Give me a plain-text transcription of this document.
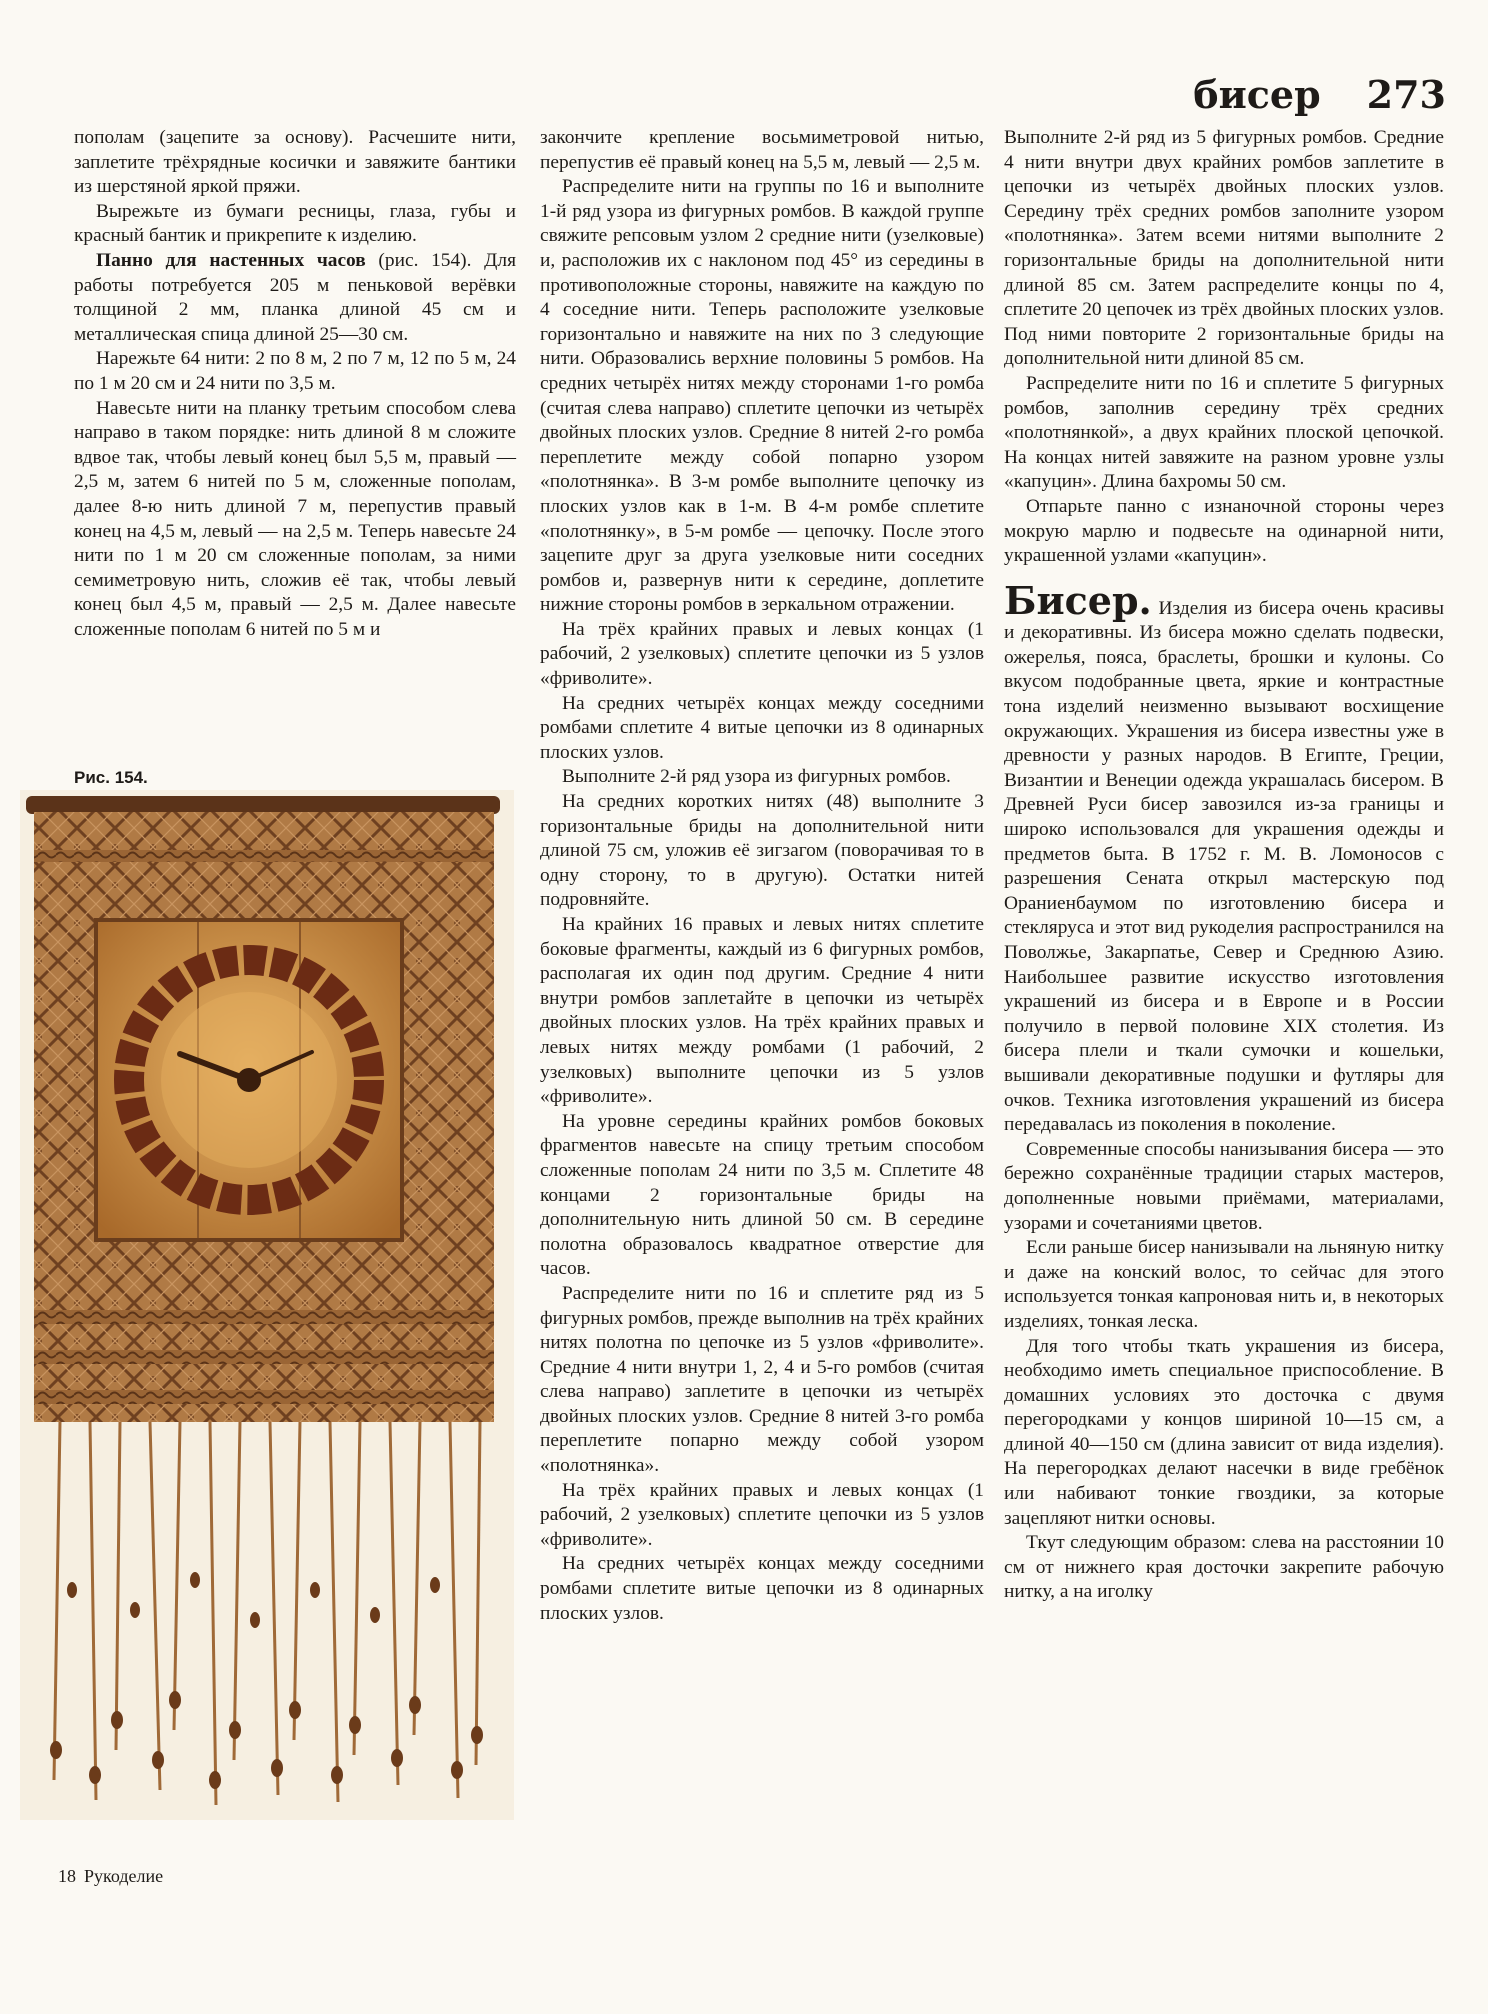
бисер 273

пополам (зацепите за основу). Расчешите нити, заплетите трёхрядные косички и завяжите бантики из шерстяной яркой пряжи.

Вырежьте из бумаги ресницы, глаза, губы и красный бантик и прикрепите к изделию.

Панно для настенных часов (рис. 154). Для работы потребуется 205 м пеньковой верёвки толщиной 2 мм, планка длиной 45 см и металлическая спица длиной 25—30 см.

Нарежьте 64 нити: 2 по 8 м, 2 по 7 м, 12 по 5 м, 24 по 1 м 20 см и 24 нити по 3,5 м.

Навесьте нити на планку третьим способом слева направо в таком порядке: нить длиной 8 м сложите вдвое так, чтобы левый конец был 5,5 м, правый — 2,5 м, затем 6 нитей по 5 м, сложенные пополам, далее 8-ю нить длиной 7 м, перепустив правый конец на 4,5 м, левый — на 2,5 м. Теперь навесьте 24 нити по 1 м 20 см сложенные пополам, за ними семиметровую нить, сложив её так, чтобы левый конец был 4,5 м, правый — 2,5 м. Далее навесьте сложенные пополам 6 нитей по 5 м и

Рис. 154.

закончите крепление восьмиметровой нитью, перепустив её правый конец на 5,5 м, левый — 2,5 м.

Распределите нити на группы по 16 и выполните 1-й ряд узора из фигурных ромбов. В каждой группе свяжите репсовым узлом 2 средние нити (узелковые) и, расположив их с наклоном под 45° из середины в противоположные стороны, навяжите на каждую по 4 соседние нити. Теперь расположите узелковые горизонтально и навяжите на них по 3 следующие нити. Образовались верхние половины 5 ромбов. На средних четырёх нитях между сторонами 1-го ромба (считая слева направо) сплетите цепочки из четырёх двойных плоских узлов. Средние 8 нитей 2-го ромба переплетите между собой попарно узором «полотнянка». В 3-м ромбе выполните цепочку из плоских узлов как в 1-м. В 4-м ромбе сплетите «полотнянку», в 5-м ромбе — цепочку. После этого зацепите друг за друга узелковые нити соседних ромбов и, развернув нити к середине, доплетите нижние стороны ромбов в зеркальном отражении.

На трёх крайних правых и левых концах (1 рабочий, 2 узелковых) сплетите цепочки из 5 узлов «фриволите».

На средних четырёх концах между соседними ромбами сплетите 4 витые цепочки из 8 одинарных плоских узлов.

Выполните 2-й ряд узора из фигурных ромбов.

На средних коротких нитях (48) выполните 3 горизонтальные бриды на дополнительной нити длиной 75 см, уложив её зигзагом (поворачивая то в одну сторону, то в другую). Остатки нитей подровняйте.

На крайних 16 правых и левых нитях сплетите боковые фрагменты, каждый из 6 фигурных ромбов, располагая их один под другим. Средние 4 нити внутри ромбов заплетайте в цепочки из четырёх двойных плоских узлов. На трёх крайних правых и левых нитях между ромбами (1 рабочий, 2 узелковых) выполните цепочки из 5 узлов «фриволите».

На уровне середины крайних ромбов боковых фрагментов навесьте на спицу третьим способом сложенные пополам 24 нити по 3,5 м. Сплетите 48 концами 2 горизонтальные бриды на дополнительную нить длиной 50 см. В середине полотна образовалось квадратное отверстие для часов.

Распределите нити по 16 и сплетите ряд из 5 фигурных ромбов, прежде выполнив на трёх крайних нитях полотна по цепочке из 5 узлов «фриволите». Средние 4 нити внутри 1, 2, 4 и 5-го ромбов (считая слева направо) заплетите в цепочки из четырёх двойных плоских узлов. Средние 8 нитей 3-го ромба переплетите попарно между собой узором «полотнянка».

На трёх крайних правых и левых концах (1 рабочий, 2 узелковых) сплетите цепочки из 5 узлов «фриволите».

На средних четырёх концах между соседними ромбами сплетите витые цепочки из 8 одинарных плоских узлов.

Выполните 2-й ряд из 5 фигурных ромбов. Средние 4 нити внутри двух крайних ромбов заплетите в цепочки из четырёх двойных плоских узлов. Середину трёх средних ромбов заполните узором «полотнянка». Затем всеми нитями выполните 2 горизонтальные бриды на дополнительной нити длиной 85 см. Затем распределите концы по 4, сплетите 20 цепочек из трёх двойных плоских узлов. Под ними повторите 2 горизонтальные бриды на дополнительной нити длиной 85 см.

Распределите нити по 16 и сплетите 5 фигурных ромбов, заполнив середину трёх средних «полотнянкой», а двух крайних плоской цепочкой. На концах нитей завяжите на разном уровне узлы «капуцин». Длина бахромы 50 см.

Отпарьте панно с изнаночной стороны через мокрую марлю и подвесьте на одинарной нити, украшенной узлами «капуцин».

Бисер. Изделия из бисера очень красивы и декоративны. Из бисера можно сделать подвески, ожерелья, пояса, браслеты, брошки и кулоны. Со вкусом подобранные цвета, яркие и контрастные тона изделий неизменно вызывают восхищение окружающих. Украшения из бисера известны уже в древности у разных народов. В Египте, Греции, Византии и Венеции одежда украшалась бисером. В Древней Руси бисер завозился из-за границы и широко использовался для украшения одежды и предметов быта. В 1752 г. М. В. Ломоносов с разрешения Сената открыл мастерскую под Ораниенбаумом по изготовлению бисера и стекляруса и этот вид рукоделия распространился на Поволжье, Закарпатье, Север и Среднюю Азию. Наибольшее развитие искусство изготовления украшений из бисера и в Европе и в России получило в первой половине XIX столетия. Из бисера плели и ткали сумочки и кошельки, вышивали декоративные подушки и футляры для очков. Техника изготовления украшений из бисера передавалась из поколения в поколение.

Современные способы нанизывания бисера — это бережно сохранённые традиции старых мастеров, дополненные новыми приёмами, материалами, узорами и сочетаниями цветов.

Если раньше бисер нанизывали на льняную нитку и даже на конский волос, то сейчас для этого используется тонкая капроновая нить и, в некоторых изделиях, тонкая леска.

Для того чтобы ткать украшения из бисера, необходимо иметь специальное приспособление. В домашних условиях это досточка с двумя перегородками у концов шириной 10—15 см, а длиной 40—150 см (длина зависит от вида изделия). На перегородках делают насечки в виде гребёнок или набивают тонкие гвоздики, за которые зацепляют нитки основы.

Ткут следующим образом: слева на расстоянии 10 см от нижнего края досточки закрепите рабочую нитку, а на иголку

18 Рукоделие
